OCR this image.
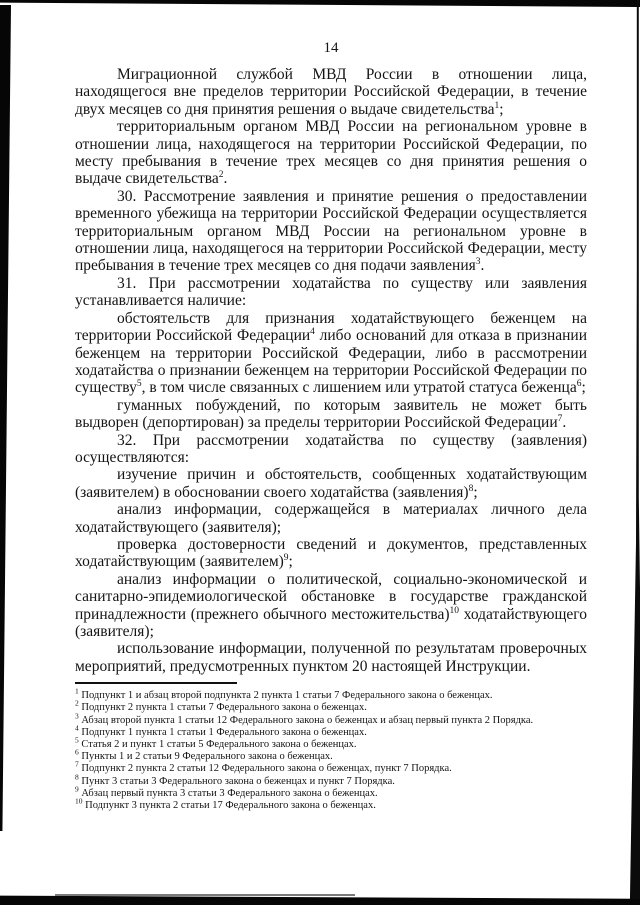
14

Миграционной службой МВД России в отношении лица, находящегося вне пределов территории Российской Федерации, в течение двух месяцев со дня принятия решения о выдаче свидетельства$^1$;

территориальным органом МВД России на региональном уровне в отношении лица, находящегося на территории Российской Федерации, по месту пребывания в течение трех месяцев со дня принятия решения о выдаче свидетельства$^2$.

30. Рассмотрение заявления и принятие решения о предоставлении временного убежища на территории Российской Федерации осуществляется территориальным органом МВД России на региональном уровне в отношении лица, находящегося на территории Российской Федерации, месту пребывания в течение трех месяцев со дня подачи заявления$^3$.

31. При рассмотрении ходатайства по существу или заявления устанавливается наличие:

обстоятельств для признания ходатайствующего беженцем на территории Российской Федерации$^4$ либо оснований для отказа в признании беженцем на территории Российской Федерации, либо в рассмотрении ходатайства о признании беженцем на территории Российской Федерации по существу$^5$, в том числе связанных с лишением или утратой статуса беженца$^6$;

гуманных побуждений, по которым заявитель не может быть выдворен (депортирован) за пределы территории Российской Федерации$^7$.

32. При рассмотрении ходатайства по существу (заявления) осуществляются:

изучение причин и обстоятельств, сообщенных ходатайствующим (заявителем) в обосновании своего ходатайства (заявления)$^8$;

анализ информации, содержащейся в материалах личного дела ходатайствующего (заявителя);

проверка достоверности сведений и документов, представленных ходатайствующим (заявителем)$^9$;

анализ информации о политической, социально-экономической и санитарно-эпидемиологической обстановке в государстве гражданской принадлежности (прежнего обычного местожительства)$^{10}$ ходатайствующего (заявителя);

использование информации, полученной по результатам проверочных мероприятий, предусмотренных пунктом 20 настоящей Инструкции.

$^1$ Подпункт 1 и абзац второй подпункта 2 пункта 1 статьи 7 Федерального закона о беженцах.
$^2$ Подпункт 2 пункта 1 статьи 7 Федерального закона о беженцах.
$^3$ Абзац второй пункта 1 статьи 12 Федерального закона о беженцах и абзац первый пункта 2 Порядка.
$^4$ Подпункт 1 пункта 1 статьи 1 Федерального закона о беженцах.
$^5$ Статья 2 и пункт 1 статьи 5 Федерального закона о беженцах.
$^6$ Пункты 1 и 2 статьи 9 Федерального закона о беженцах.
$^7$ Подпункт 2 пункта 2 статьи 12 Федерального закона о беженцах, пункт 7 Порядка.
$^8$ Пункт 3 статьи 3 Федерального закона о беженцах и пункт 7 Порядка.
$^9$ Абзац первый пункта 3 статьи 3 Федерального закона о беженцах.
$^{10}$ Подпункт 3 пункта 2 статьи 17 Федерального закона о беженцах.
